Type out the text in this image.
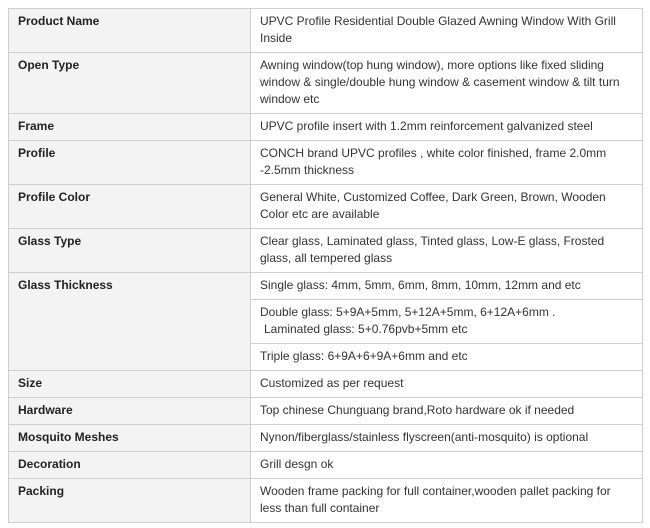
Product Name	UPVC Profile Residential Double Glazed Awning Window With Grill Inside
Open Type	Awning window(top hung window), more options like fixed sliding window & single/double hung window & casement window & tilt turn window etc
Frame	UPVC profile insert with 1.2mm reinforcement galvanized steel
Profile	CONCH brand UPVC profiles , white color finished, frame 2.0mm -2.5mm thickness
Profile Color	General White, Customized Coffee, Dark Green, Brown, Wooden Color etc are available
Glass Type	Clear glass, Laminated glass, Tinted glass, Low-E glass, Frosted glass, all tempered glass
Glass Thickness	Single glass: 4mm, 5mm, 6mm, 8mm, 10mm, 12mm and etc

	Double glass: 5+9A+5mm, 5+12A+5mm, 6+12A+6mm .
Laminated glass: 5+0.76pvb+5mm etc

	Triple glass: 6+9A+6+9A+6mm and etc
Size	Customized as per request
Hardware	Top chinese Chunguang brand,Roto hardware ok if needed
Mosquito Meshes	Nynon/fiberglass/stainless flyscreen(anti-mosquito) is optional
Decoration	Grill desgn ok
Packing	Wooden frame packing for full container,wooden pallet packing for less than full container
